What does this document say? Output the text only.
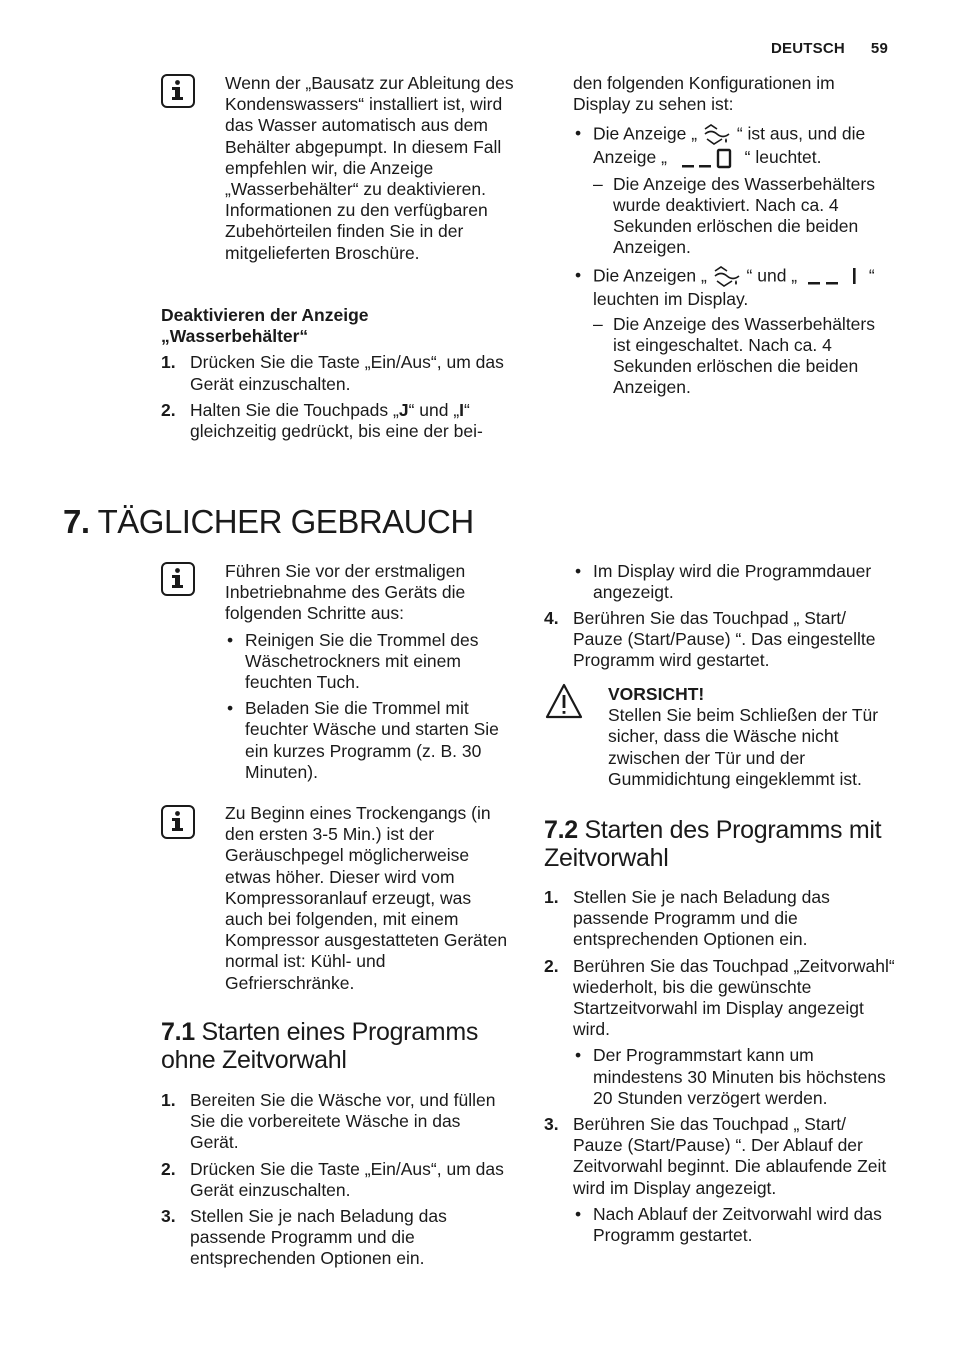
DEUTSCH 59

Wenn der „Bausatz zur Ableitung des Kondenswassers“ installiert ist, wird das Wasser automatisch aus dem Behälter abgepumpt. In diesem Fall empfehlen wir, die Anzeige „Wasserbehälter“ zu deaktivieren.

Informationen zu den verfügbaren Zubehörteilen finden Sie in der mitgelieferten Broschüre.

Deaktivieren der Anzeige
„Wasserbehälter“

1. Drücken Sie die Taste „Ein/Aus“, um das Gerät einzuschalten.
2. Halten Sie die Touchpads „J“ und „I“ gleichzeitig gedrückt, bis eine der bei-

den folgenden Konfigurationen im Display zu sehen ist:

• Die Anzeige „  “ ist aus, und die
Anzeige „	“ leuchtet.
– Die Anzeige des Wasserbehälters wurde deaktiviert. Nach ca. 4 Sekunden erlöschen die beiden Anzeigen.
• Die Anzeigen „  “ und „	“
leuchten im Display.
– Die Anzeige des Wasserbehälters ist eingeschaltet. Nach ca. 4 Sekunden erlöschen die beiden Anzeigen.
7. TÄGLICHER GEBRAUCH

Führen Sie vor der erstmaligen Inbetriebnahme des Geräts die folgenden Schritte aus:

• Reinigen Sie die Trommel des Wäschetrockners mit einem feuchten Tuch.
• Beladen Sie die Trommel mit feuchter Wäsche und starten Sie ein kurzes Programm (z. B. 30 Minuten).

Zu Beginn eines Trockengangs (in den ersten 3-5 Min.) ist der Geräuschpegel möglicherweise etwas höher. Dieser wird vom Kompressoranlauf erzeugt, was auch bei folgenden, mit einem Kompressor ausgestatteten Geräten normal ist: Kühl- und Gefrierschränke.

7.1 Starten eines Programms ohne Zeitvorwahl
1. Bereiten Sie die Wäsche vor, und füllen Sie die vorbereitete Wäsche in das Gerät.
2. Drücken Sie die Taste „Ein/Aus“, um das Gerät einzuschalten.
3. Stellen Sie je nach Beladung das passende Programm und die entsprechenden Optionen ein.
• Im Display wird die Programmdauer angezeigt.
4. Berühren Sie das Touchpad „ Start/ Pauze (Start/Pause) “. Das eingestellte Programm wird gestartet.

VORSICHT!

Stellen Sie beim Schließen der Tür sicher, dass die Wäsche nicht zwischen der Tür und der Gummidichtung eingeklemmt ist.

7.2 Starten des Programms mit Zeitvorwahl
1. Stellen Sie je nach Beladung das passende Programm und die entsprechenden Optionen ein.
2. Berühren Sie das Touchpad „Zeitvorwahl“ wiederholt, bis die gewünschte Startzeitvorwahl im Display angezeigt wird.
• Der Programmstart kann um mindestens 30 Minuten bis höchstens 20 Stunden verzögert werden.
3. Berühren Sie das Touchpad „ Start/ Pauze (Start/Pause) “. Der Ablauf der Zeitvorwahl beginnt. Die ablaufende Zeit wird im Display angezeigt.
• Nach Ablauf der Zeitvorwahl wird das Programm gestartet.
